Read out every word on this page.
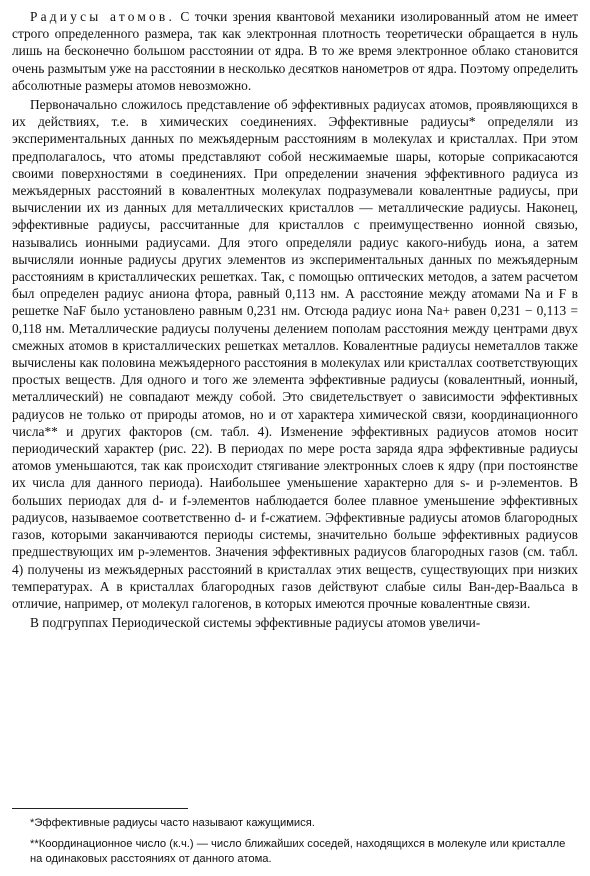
Радиусы атомов. С точки зрения квантовой механики изолированный атом не имеет строго определенного размера, так как электронная плотность теоретически обращается в нуль лишь на бесконечно большом расстоянии от ядра. В то же время электронное облако становится очень размытым уже на расстоянии в несколько десятков нанометров от ядра. Поэтому определить абсолютные размеры атомов невозможно.

Первоначально сложилось представление об эффективных радиусах атомов, проявляющихся в их действиях, т.е. в химических соединениях. Эффективные радиусы* определяли из экспериментальных данных по межъядерным расстояниям в молекулах и кристаллах. При этом предполагалось, что атомы представляют собой несжимаемые шары, которые соприкасаются своими поверхностями в соединениях. При определении значения эффективного радиуса из межъядерных расстояний в ковалентных молекулах подразумевали ковалентные радиусы, при вычислении их из данных для металлических кристаллов — металлические радиусы. Наконец, эффективные радиусы, рассчитанные для кристаллов с преимущественно ионной связью, назывались ионными радиусами. Для этого определяли радиус какого-нибудь иона, а затем вычисляли ионные радиусы других элементов из экспериментальных данных по межъядерным расстояниям в кристаллических решетках. Так, с помощью оптических методов, а затем расчетом был определен радиус аниона фтора, равный 0,113 нм. А расстояние между атомами Na и F в решетке NaF было установлено равным 0,231 нм. Отсюда радиус иона Na+ равен 0,231 − 0,113 = 0,118 нм. Металлические радиусы получены делением пополам расстояния между центрами двух смежных атомов в кристаллических решетках металлов. Ковалентные радиусы неметаллов также вычислены как половина межъядерного расстояния в молекулах или кристаллах соответствующих простых веществ. Для одного и того же элемента эффективные радиусы (ковалентный, ионный, металлический) не совпадают между собой. Это свидетельствует о зависимости эффективных радиусов не только от природы атомов, но и от характера химической связи, координационного числа** и других факторов (см. табл. 4). Изменение эффективных радиусов атомов носит периодический характер (рис. 22). В периодах по мере роста заряда ядра эффективные радиусы атомов уменьшаются, так как происходит стягивание электронных слоев к ядру (при постоянстве их числа для данного периода). Наибольшее уменьшение характерно для s- и p-элементов. В больших периодах для d- и f-элементов наблюдается более плавное уменьшение эффективных радиусов, называемое соответственно d- и f-сжатием. Эффективные радиусы атомов благородных газов, которыми заканчиваются периоды системы, значительно больше эффективных радиусов предшествующих им p-элементов. Значения эффективных радиусов благородных газов (см. табл. 4) получены из межъядерных расстояний в кристаллах этих веществ, существующих при низких температурах. А в кристаллах благородных газов действуют слабые силы Ван-дер-Ваальса в отличие, например, от молекул галогенов, в которых имеются прочные ковалентные связи.

В подгруппах Периодической системы эффективные радиусы атомов увеличи-

*Эффективные радиусы часто называют кажущимися.

**Координационное число (к.ч.) — число ближайших соседей, находящихся в молекуле или кристалле на одинаковых расстояниях от данного атома.
